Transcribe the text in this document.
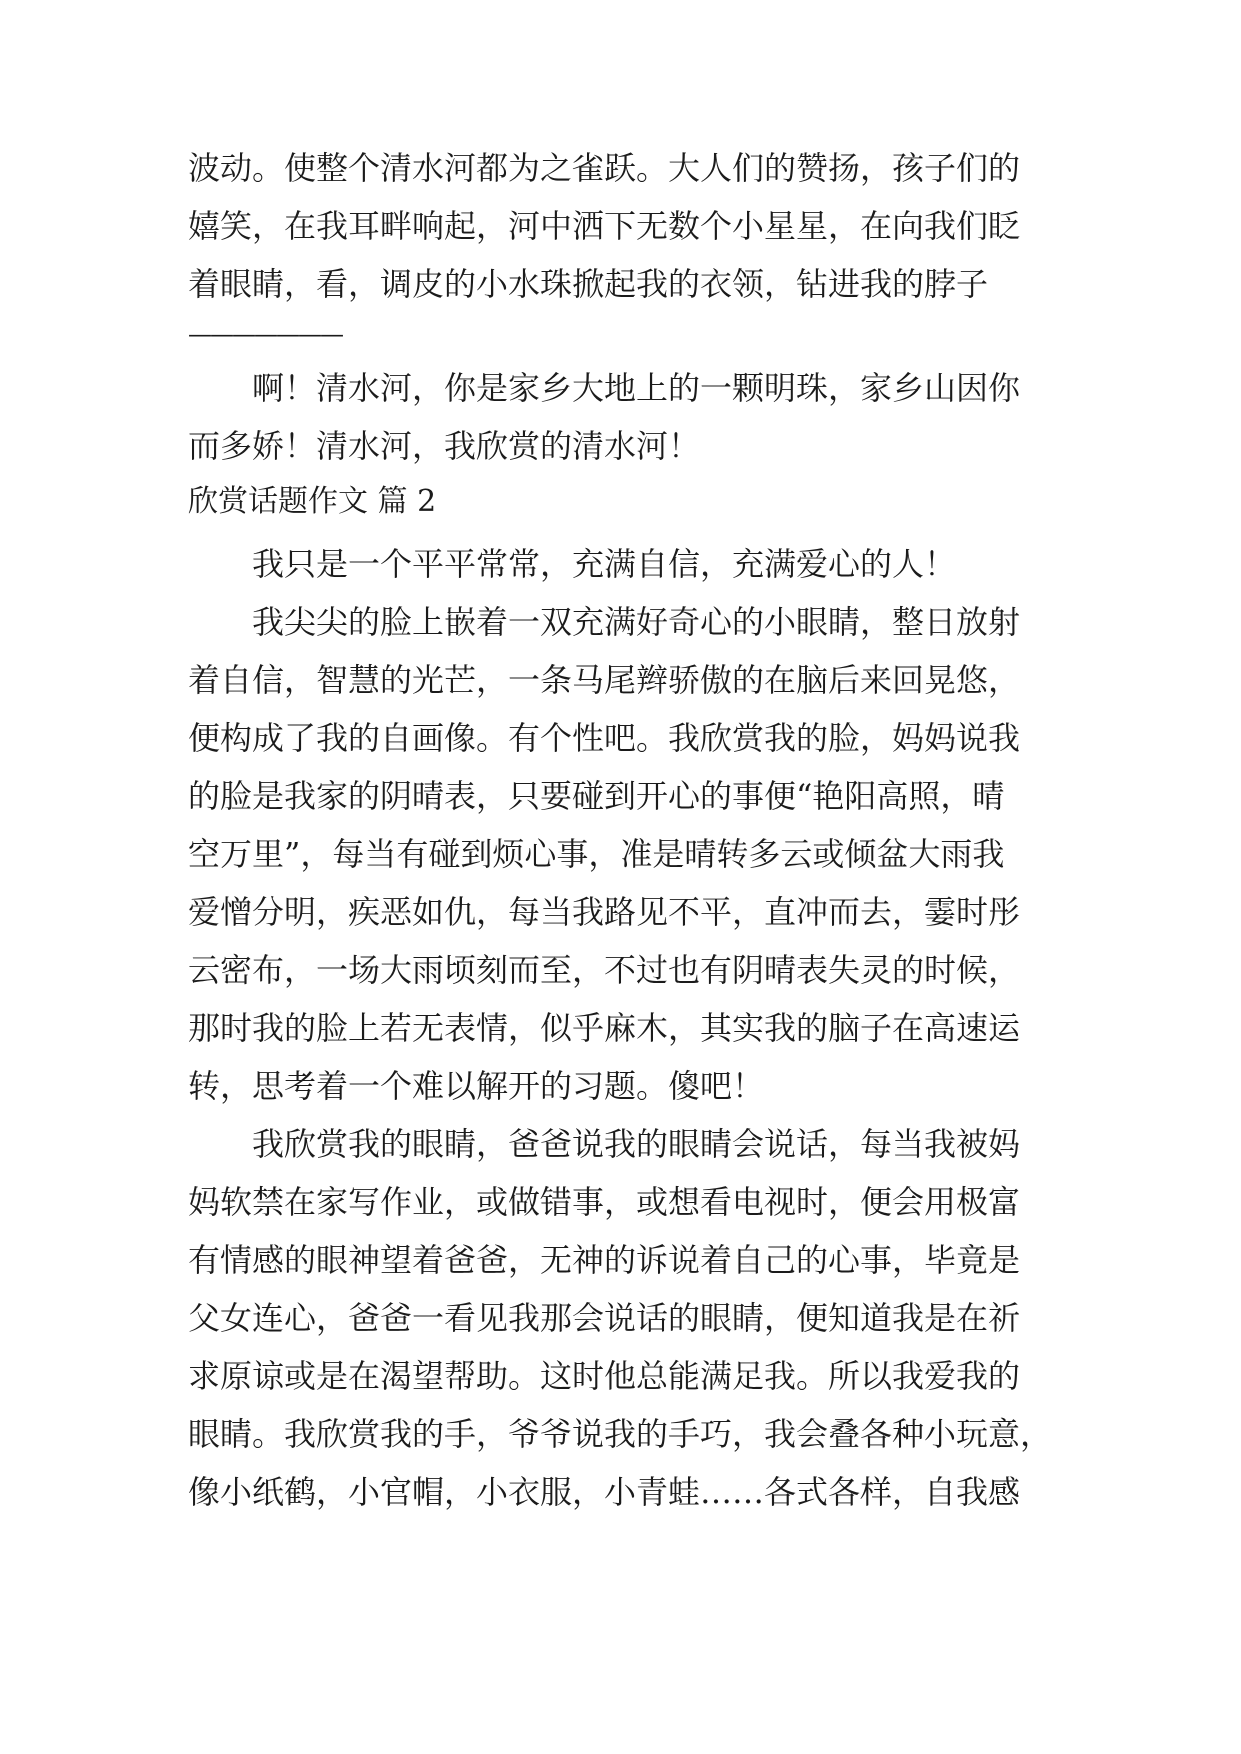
波动。使整个清水河都为之雀跃。大人们的赞扬，孩子们的
嬉笑，在我耳畔响起，河中洒下无数个小星星，在向我们眨
着眼睛，看，调皮的小水珠掀起我的衣领，钻进我的脖子
———————
　　啊！清水河，你是家乡大地上的一颗明珠，家乡山因你
而多娇！清水河，我欣赏的清水河！
欣赏话题作文 篇 2
　　我只是一个平平常常，充满自信，充满爱心的人！
　　我尖尖的脸上嵌着一双充满好奇心的小眼睛，整日放射
着自信，智慧的光芒，一条马尾辫骄傲的在脑后来回晃悠，
便构成了我的自画像。有个性吧。我欣赏我的脸，妈妈说我
的脸是我家的阴晴表，只要碰到开心的事便“艳阳高照，晴
空万里”，每当有碰到烦心事，准是晴转多云或倾盆大雨我
爱憎分明，疾恶如仇，每当我路见不平，直冲而去，霎时彤
云密布，一场大雨顷刻而至，不过也有阴晴表失灵的时候，
那时我的脸上若无表情，似乎麻木，其实我的脑子在高速运
转，思考着一个难以解开的习题。傻吧！
　　我欣赏我的眼睛，爸爸说我的眼睛会说话，每当我被妈
妈软禁在家写作业，或做错事，或想看电视时，便会用极富
有情感的眼神望着爸爸，无神的诉说着自己的心事，毕竟是
父女连心，爸爸一看见我那会说话的眼睛，便知道我是在祈
求原谅或是在渴望帮助。这时他总能满足我。所以我爱我的
眼睛。我欣赏我的手，爷爷说我的手巧，我会叠各种小玩意，
像小纸鹤，小官帽，小衣服，小青蛙……各式各样，自我感
